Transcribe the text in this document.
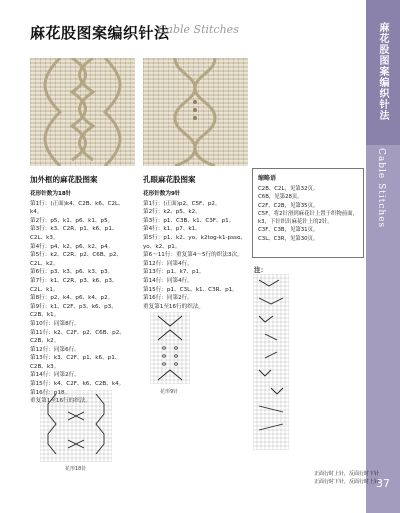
麻花股图案编织针法
Cable Stitches	麻花股图案编织针法
Cable Stitches
37
加外框的麻花股图案	孔眼麻花股图案
花形针数为18针
第1行：(正面)k4、C2B、k6、C2L、
k4。
第2行：p5、k1、p6、k1、p5。
第3行：k3、C2R、p1、k6、p1、
C2L、k3。
第4行：p4、k2、p6、k2、p4。
第5行：k2、C2R、p2、C6B、p2、
C2L、k2。
第6行：p3、k3、p6、k3、p3。
第7行：k1、C2R、p3、k6、p3、
C2L、k1。
第8行：p2、k4、p6、k4、p2。
第9行：k1、C2F、p3、k6、p3、
C2B、k1。
第10行：同第8行。
第11行：k2、C2F、p2、C6B、p2、
C2B、k2。
第12行：同第6行。
第13行：k3、C2F、p1、k6、p1、
C2B、k3。
第14行：同第2行。
第15行：k4、C2F、k6、C2B、k4。
第16行：p18。
重复第1至16行的织法。
花形针数为9针
第1行：(正面)p2、C5F、p2。
第2行：k2、p5、k2。
第3行：p1、C3B、k1、C3F、p1。
第4行：k1、p7、k1。
第5行：p1、k2、yo、k2tog-k1-psso、
yo、k2、p1。
第6～11行：重复第4～5行的织法3次。
第12行：同第4行。
第13行：p1、k7、p1。
第14行：同第4行。
第15行：p1、C3L、k1、C3R、p1。
第16行：同第2行。
重复第1至16行的织法。
缩略语
C2B、C2L，见第32页。
C6B，见第28页。
C2F、C2B，见第35页。
C5F，将2针滑到麻花针上置于织物前面，k3，下针织出麻花针上的2针。
C3F、C3B，见第31页。
C3L、C3R，见第30页。
注：
花形18针
花形9针
正面行时上针，反面行时下针
正面行时下针，反面行时上针
